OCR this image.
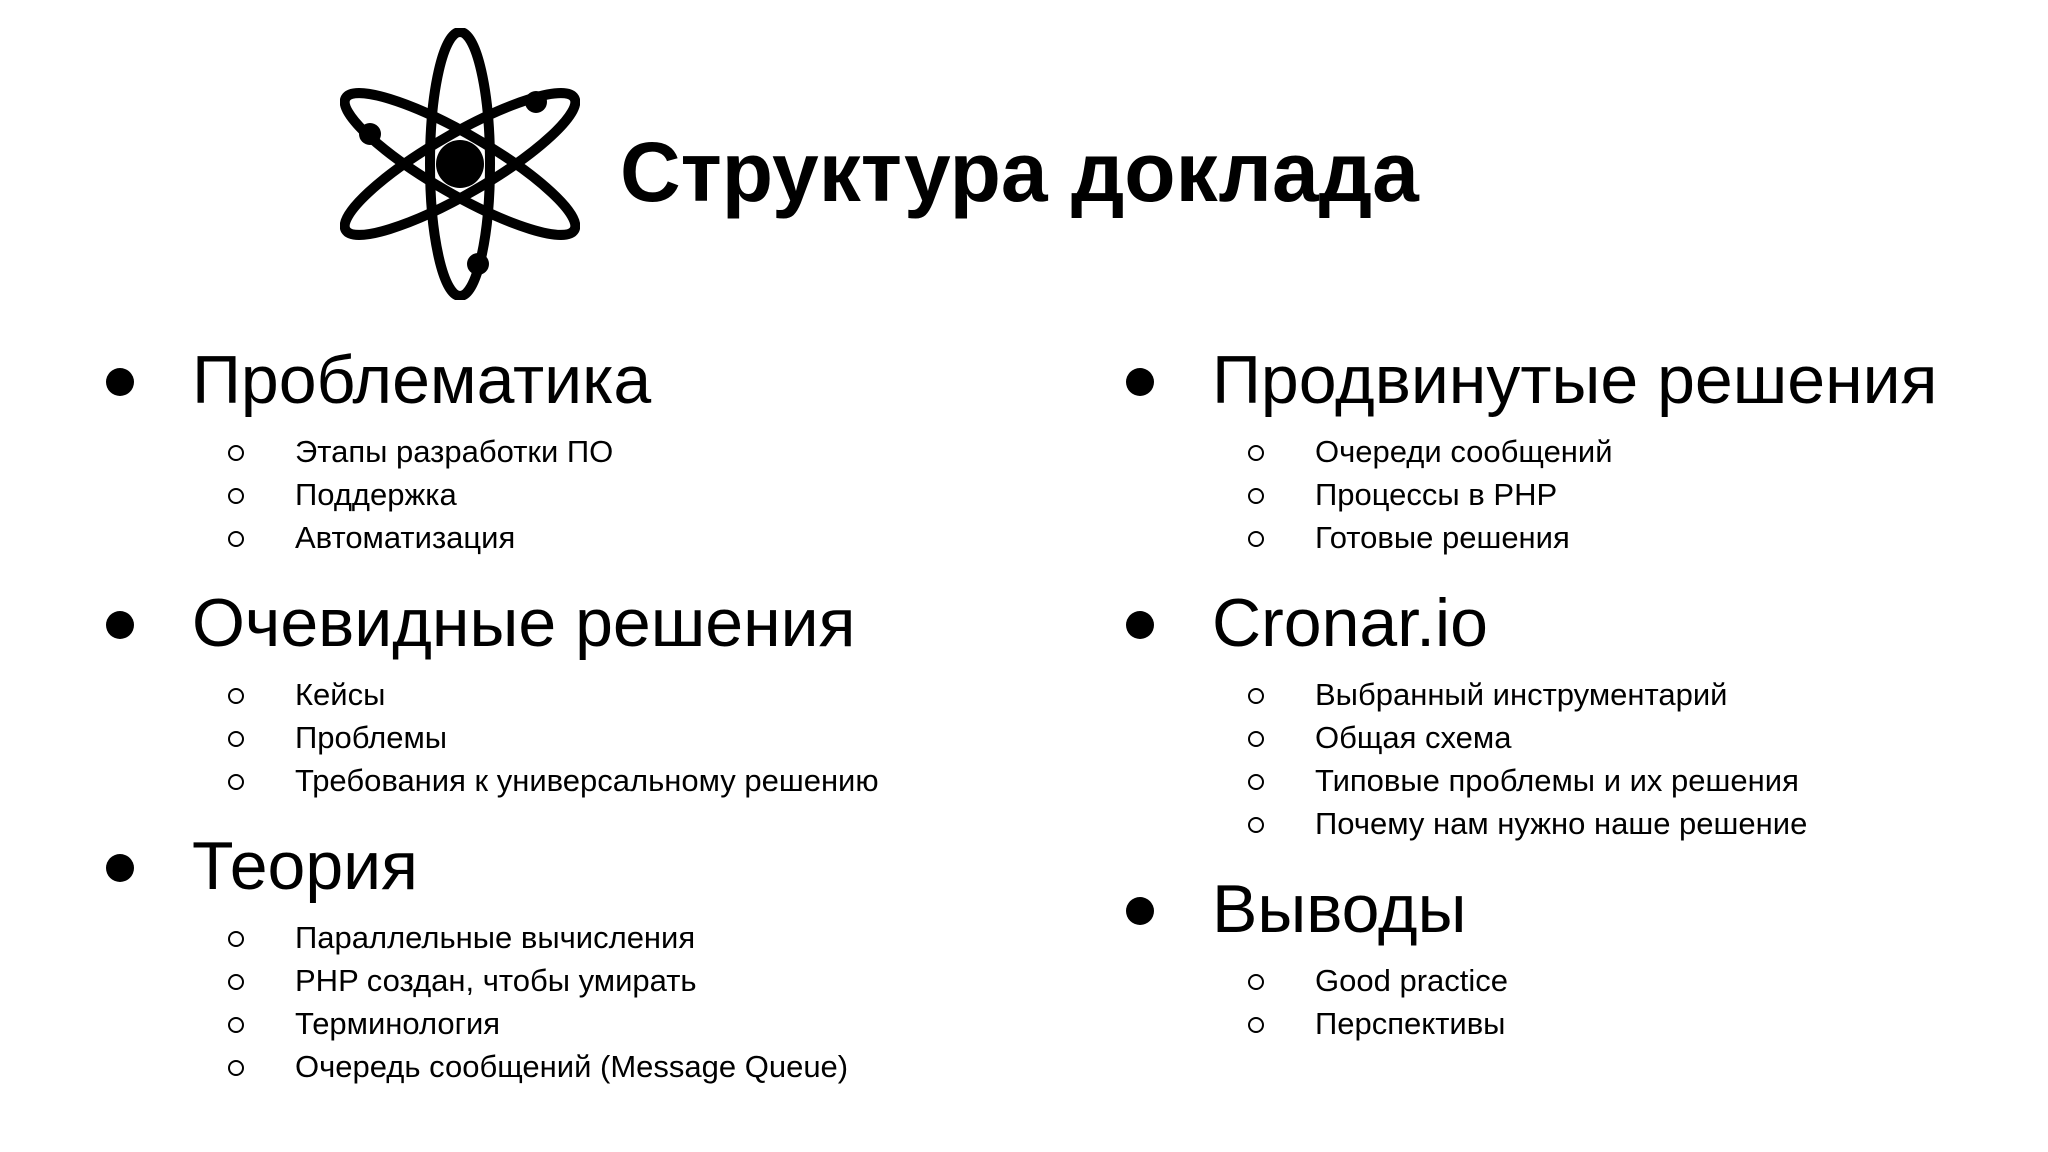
Структура доклада
Проблематика
Этапы разработки ПО
Поддержка
Автоматизация
Очевидные решения
Кейсы
Проблемы
Требования к универсальному решению
Теория
Параллельные вычисления
PHP создан, чтобы умирать
Терминология
Очередь сообщений (Message Queue)
Продвинутые решения
Очереди сообщений
Процессы в PHP
Готовые решения
Cronar.io
Выбранный инструментарий
Общая схема
Типовые проблемы и их решения
Почему нам нужно наше решение
Выводы
Good practice
Перспективы
